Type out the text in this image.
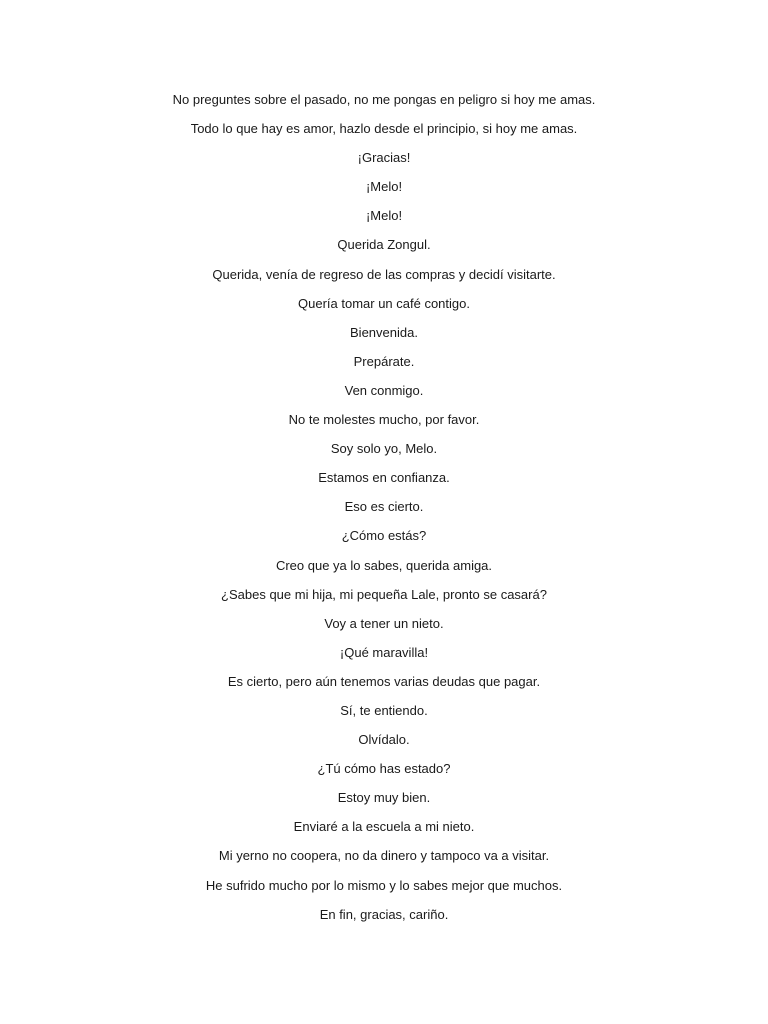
No preguntes sobre el pasado, no me pongas en peligro si hoy me amas.
Todo lo que hay es amor, hazlo desde el principio, si hoy me amas.
¡Gracias!
¡Melo!
¡Melo!
Querida Zongul.
Querida, venía de regreso de las compras y decidí visitarte.
Quería tomar un café contigo.
Bienvenida.
Prepárate.
Ven conmigo.
No te molestes mucho, por favor.
Soy solo yo, Melo.
Estamos en confianza.
Eso es cierto.
¿Cómo estás?
Creo que ya lo sabes, querida amiga.
¿Sabes que mi hija, mi pequeña Lale, pronto se casará?
Voy a tener un nieto.
¡Qué maravilla!
Es cierto, pero aún tenemos varias deudas que pagar.
Sí, te entiendo.
Olvídalo.
¿Tú cómo has estado?
Estoy muy bien.
Enviaré a la escuela a mi nieto.
Mi yerno no coopera, no da dinero y tampoco va a visitar.
He sufrido mucho por lo mismo y lo sabes mejor que muchos.
En fin, gracias, cariño.
